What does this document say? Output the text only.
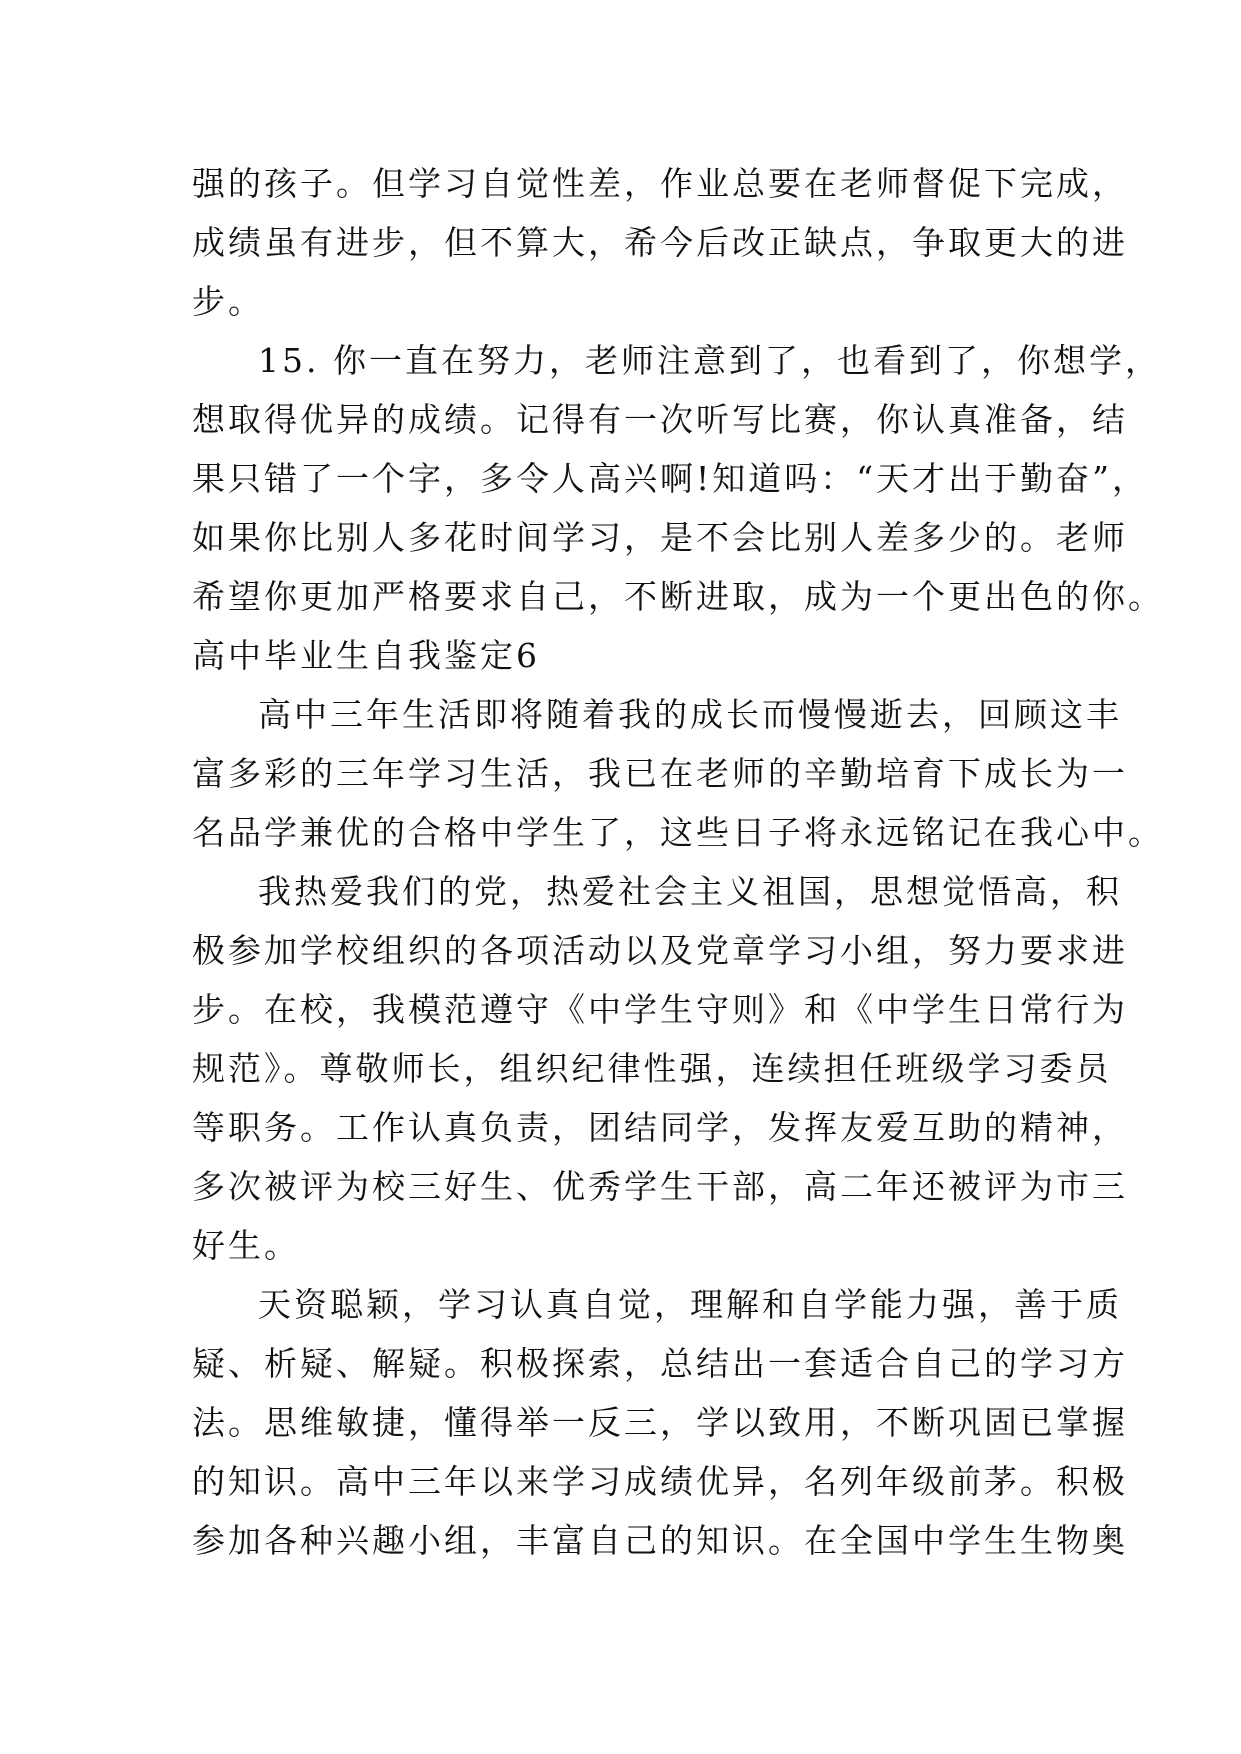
强的孩子。但学习自觉性差，作业总要在老师督促下完成，
成绩虽有进步，但不算大，希今后改正缺点，争取更大的进
步。
15. 你一直在努力，老师注意到了，也看到了，你想学，
想取得优异的成绩。记得有一次听写比赛，你认真准备，结
果只错了一个字，多令人高兴啊!知道吗：“天才出于勤奋”，
如果你比别人多花时间学习，是不会比别人差多少的。老师
希望你更加严格要求自己，不断进取，成为一个更出色的你。
高中毕业生自我鉴定6
高中三年生活即将随着我的成长而慢慢逝去，回顾这丰
富多彩的三年学习生活，我已在老师的辛勤培育下成长为一
名品学兼优的合格中学生了，这些日子将永远铭记在我心中。
我热爱我们的党，热爱社会主义祖国，思想觉悟高，积
极参加学校组织的各项活动以及党章学习小组，努力要求进
步。在校，我模范遵守《中学生守则》和《中学生日常行为
规范》。尊敬师长，组织纪律性强，连续担任班级学习委员
等职务。工作认真负责，团结同学，发挥友爱互助的精神，
多次被评为校三好生、优秀学生干部，高二年还被评为市三
好生。
天资聪颖，学习认真自觉，理解和自学能力强，善于质
疑、析疑、解疑。积极探索，总结出一套适合自己的学习方
法。思维敏捷，懂得举一反三，学以致用，不断巩固已掌握
的知识。高中三年以来学习成绩优异，名列年级前茅。积极
参加各种兴趣小组，丰富自己的知识。在全国中学生生物奥
